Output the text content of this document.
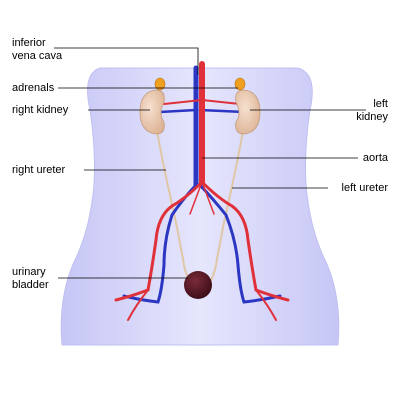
inferior
vena cava
adrenals
right kidney	left
kidney
aorta
right ureter
left ureter
urinary
bladder
